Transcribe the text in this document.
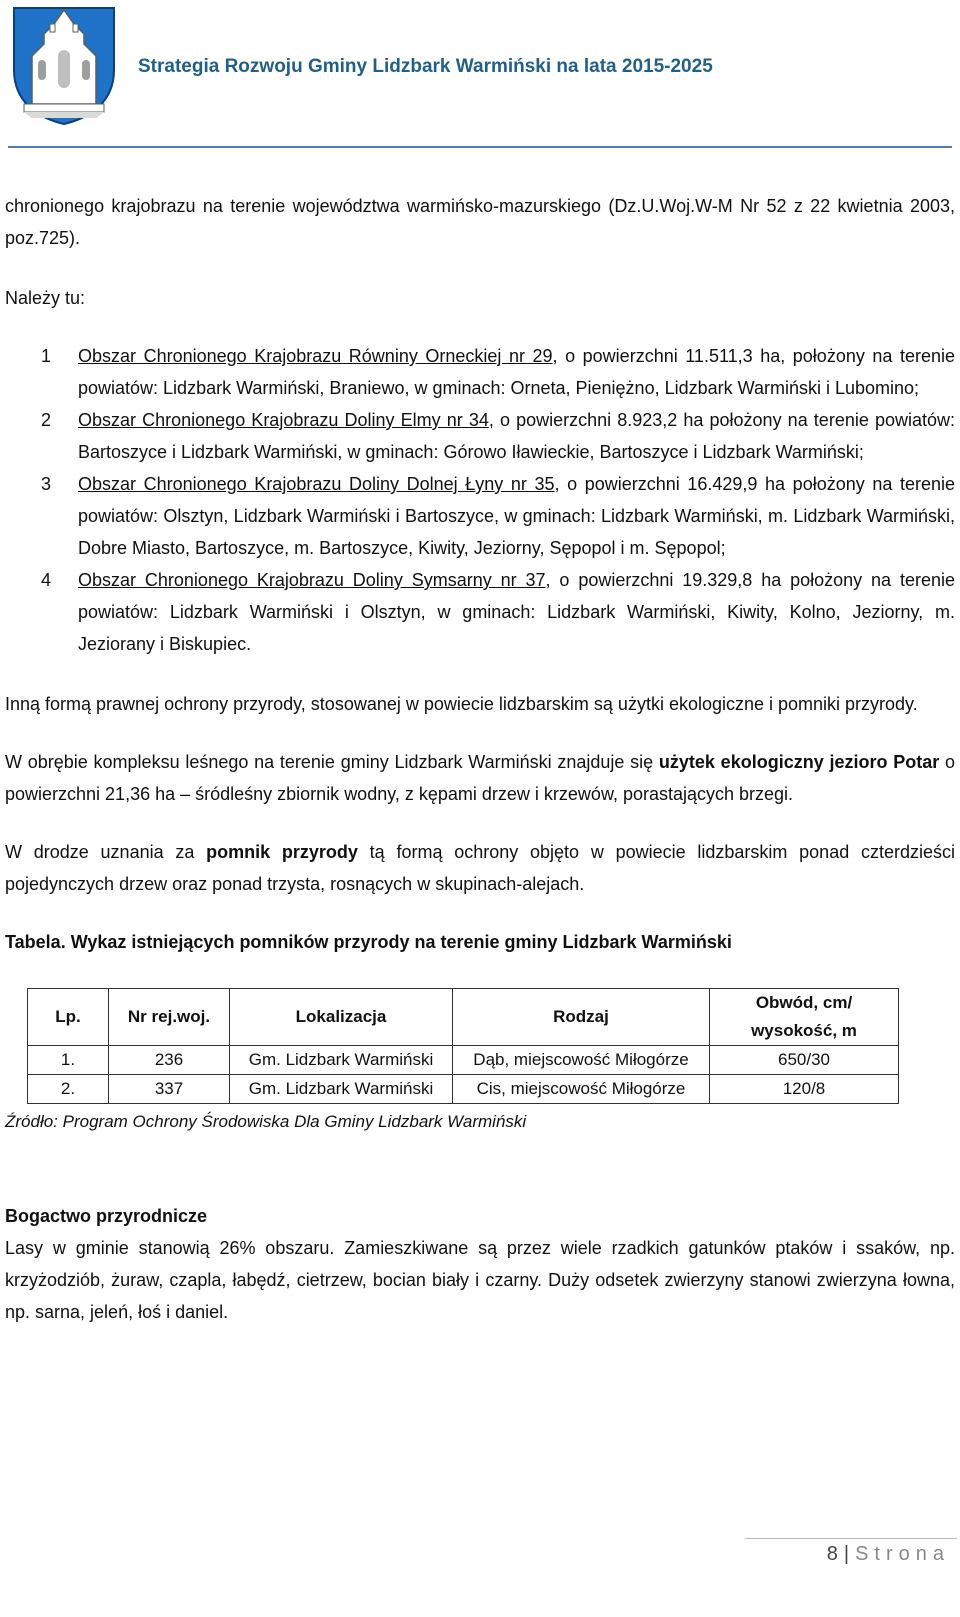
Strategia Rozwoju Gminy Lidzbark Warmiński na lata 2015-2025

chronionego krajobrazu na terenie województwa warmińsko-mazurskiego (Dz.U.Woj.W-M Nr 52 z 22 kwietnia 2003, poz.725).

Należy tu:

1	Obszar Chronionego Krajobrazu Równiny Orneckiej nr 29, o powierzchni 11.511,3 ha, położony na terenie powiatów: Lidzbark Warmiński, Braniewo, w gminach: Orneta, Pieniężno, Lidzbark Warmiński i Lubomino;
2	Obszar Chronionego Krajobrazu Doliny Elmy nr 34, o powierzchni 8.923,2 ha położony na terenie powiatów: Bartoszyce i Lidzbark Warmiński, w gminach: Górowo Iławieckie, Bartoszyce i Lidzbark Warmiński;
3	Obszar Chronionego Krajobrazu Doliny Dolnej Łyny nr 35, o powierzchni 16.429,9 ha położony na terenie powiatów: Olsztyn, Lidzbark Warmiński i Bartoszyce, w gminach: Lidzbark Warmiński, m. Lidzbark Warmiński, Dobre Miasto, Bartoszyce, m. Bartoszyce, Kiwity, Jeziorny, Sępopol i m. Sępopol;
4	Obszar Chronionego Krajobrazu Doliny Symsarny nr 37, o powierzchni 19.329,8 ha położony na terenie powiatów: Lidzbark Warmiński i Olsztyn, w gminach: Lidzbark Warmiński, Kiwity, Kolno, Jeziorny, m. Jeziorany i Biskupiec.

Inną formą prawnej ochrony przyrody, stosowanej w powiecie lidzbarskim są użytki ekologiczne i pomniki przyrody.

W obrębie kompleksu leśnego na terenie gminy Lidzbark Warmiński znajduje się użytek ekologiczny jezioro Potar o powierzchni 21,36 ha – śródleśny zbiornik wodny, z kępami drzew i krzewów, porastających brzegi.

W drodze uznania za pomnik przyrody tą formą ochrony objęto w powiecie lidzbarskim ponad czterdzieści pojedynczych drzew oraz ponad trzysta, rosnących w skupinach-alejach.

Tabela. Wykaz istniejących pomników przyrody na terenie gminy Lidzbark Warmiński

Lp.	Nr rej.woj.	Lokalizacja	Rodzaj	Obwód, cm/
wysokość, m

1.	236	Gm. Lidzbark Warmiński	Dąb, miejscowość Miłogórze	650/30
2.	337	Gm. Lidzbark Warmiński	Cis, miejscowość Miłogórze	120/8

Źródło: Program Ochrony Środowiska Dla Gminy Lidzbark Warmiński

Bogactwo przyrodnicze

Lasy w gminie stanowią 26% obszaru. Zamieszkiwane są przez wiele rzadkich gatunków ptaków i ssaków, np. krzyżodziób, żuraw, czapla, łabędź, cietrzew, bocian biały i czarny. Duży odsetek zwierzyny stanowi zwierzyna łowna, np. sarna, jeleń, łoś i daniel.

8 | Strona
